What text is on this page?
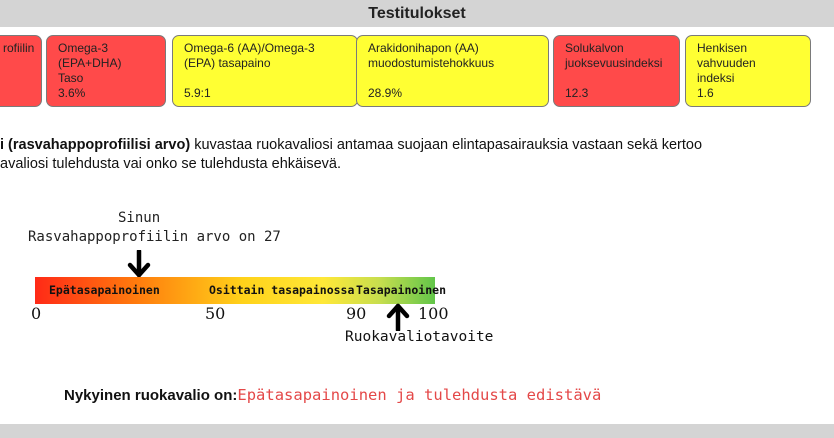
Testitulokset
rofiilin Omega-3
(EPA+DHA)
Taso
3.6%
Omega-6 (AA)/Omega-3
(EPA) tasapaino
5.9:1
Arakidonihapon (AA)
muodostumistehokkuus
28.9%
Solukalvon
juoksevuusindeksi
12.3
Henkisen
vahvuuden
indeksi
1.6
i (rasvahappoprofiilisi arvo) kuvastaa ruokavaliosi antamaa suojaan elintapasairauksia vastaan sekä kertoo
avaliosi tulehdusta vai onko se tulehdusta ehkäisevä.
Sinun
Rasvahappoprofiilin arvo on 27
Epätasapainoinen	Osittain tasapainossa Tasapainoinen
0	50	90	100
Ruokavaliotavoite
Nykyinen ruokavalio on:Epätasapainoinen ja tulehdusta edistävä
